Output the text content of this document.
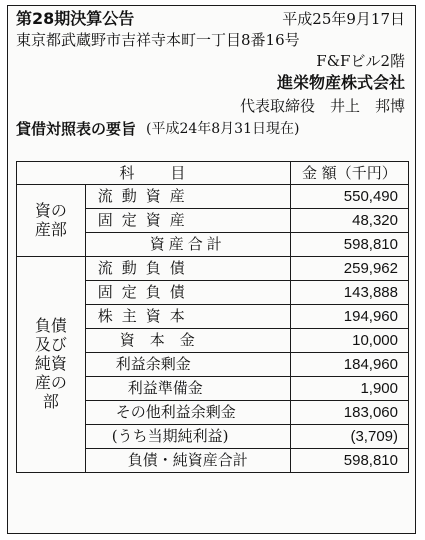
第28期決算公告	平成25年9月17日
東京都武蔵野市吉祥寺本町一丁目8番16号
F&Fビル2階
進栄物産株式会社
代表取締役　井上　邦博
貸借対照表の要旨 (平成24年8月31日現在)
科　　目		金 額（千円）
資の産部	流動資産	550,490
	固定資産	48,320
	資産合計	598,810
負債及び純資産の部	流動負債	259,962
	固定負債	143,888
	株主資本	194,960
	資　本　金	10,000
	利益余剰金	184,960
	利益準備金	1,900
	その他利益余剰金	183,060
	(うち当期純利益)	(3,709)
	負債・純資産合計	598,810
